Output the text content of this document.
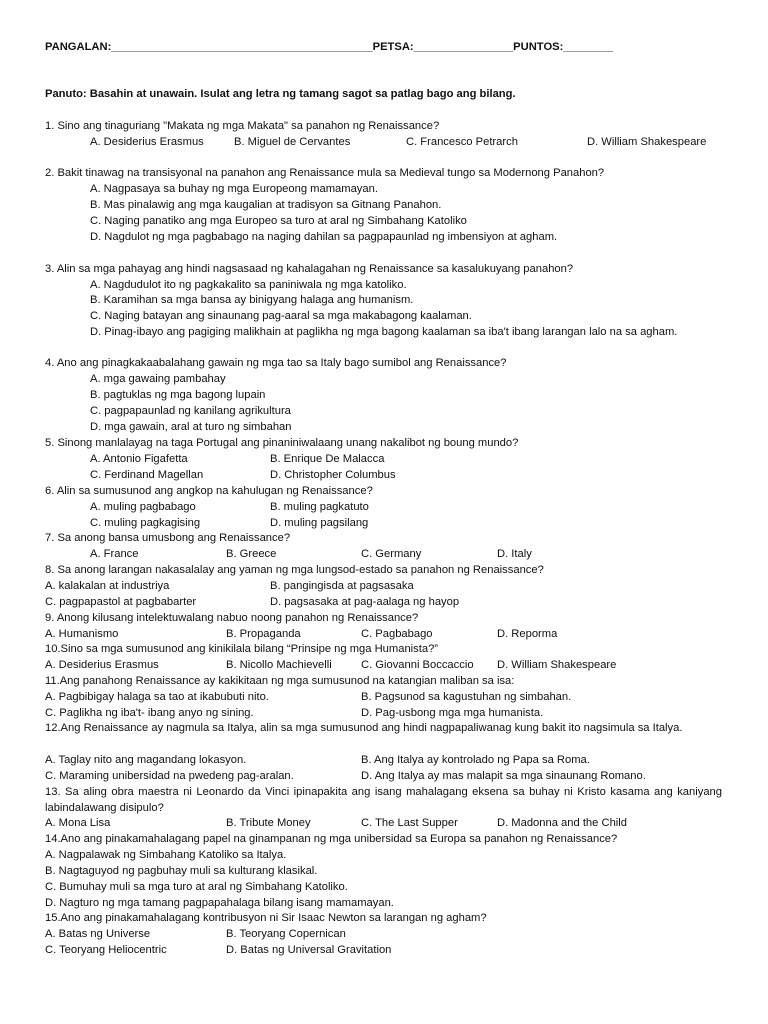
PANGALAN:__________________________________________PETSA:________________PUNTOS:________
Panuto: Basahin at unawain. Isulat ang letra ng tamang sagot sa patlag bago ang bilang.
1. Sino ang tinaguriang "Makata ng mga Makata" sa panahon ng Renaissance?
A. Desiderius Erasmus	B. Miguel de Cervantes	C. Francesco Petrarch	D. William Shakespeare
2. Bakit tinawag na transisyonal na panahon ang Renaissance mula sa Medieval tungo sa Modernong Panahon?
A. Nagpasaya sa buhay ng mga Europeong mamamayan.
B. Mas pinalawig ang mga kaugalian at tradisyon sa Gitnang Panahon.
C. Naging panatiko ang mga Europeo sa turo at aral ng Simbahang Katoliko
D. Nagdulot ng mga pagbabago na naging dahilan sa pagpapaunlad ng imbensiyon at agham.
3. Alin sa mga pahayag ang hindi nagsasaad ng kahalagahan ng Renaissance sa kasalukuyang panahon?
A. Nagdudulot ito ng pagkakalito sa paniniwala ng mga katoliko.
B. Karamihan sa mga bansa ay binigyang halaga ang humanism.
C. Naging batayan ang sinaunang pag-aaral sa mga makabagong kaalaman.
D. Pinag-ibayo ang pagiging malikhain at paglikha ng mga bagong kaalaman sa iba't ibang larangan lalo na sa agham.
4. Ano ang pinagkakaabalahang gawain ng mga tao sa Italy bago sumibol ang Renaissance?
A. mga gawaing pambahay
B. pagtuklas ng mga bagong lupain
C. pagpapaunlad ng kanilang agrikultura
D. mga gawain, aral at turo ng simbahan
5. Sinong manlalayag na taga Portugal ang pinaniniwalaang unang nakalibot ng boung mundo?
A. Antonio Figafetta	B. Enrique De Malacca
C. Ferdinand Magellan	D. Christopher Columbus
6. Alin sa sumusunod ang angkop na kahulugan ng Renaissance?
A. muling pagbabago	B. muling pagkatuto
C. muling pagkagising	D. muling pagsilang
7. Sa anong bansa umusbong ang Renaissance?
A. France	B. Greece	C. Germany	D. Italy
8. Sa anong larangan nakasalalay ang yaman ng mga lungsod-estado sa panahon ng Renaissance?
A. kalakalan at industriya	B. pangingisda at pagsasaka
C. pagpapastol at pagbabarter	D. pagsasaka at pag-aalaga ng hayop
9. Anong kilusang intelektuwalang nabuo noong panahon ng Renaissance?
A. Humanismo	B. Propaganda	C. Pagbabago	D. Reporma
10.Sino sa mga sumusunod ang kinikilala bilang “Prinsipe ng mga Humanista?”
A. Desiderius Erasmus	B. Nicollo Machievelli	C. Giovanni Boccaccio D. William Shakespeare
11.Ang panahong Renaissance ay kakikitaan ng mga sumusunod na katangian maliban sa isa:
A. Pagbibigay halaga sa tao at ikabubuti nito.	B. Pagsunod sa kagustuhan ng simbahan.
C. Paglikha ng iba't- ibang anyo ng sining.	D. Pag-usbong mga mga humanista.
12.Ang Renaissance ay nagmula sa Italya, alin sa mga sumusunod ang hindi nagpapaliwanag kung bakit ito nagsimula sa Italya.
A. Taglay nito ang magandang lokasyon.	B. Ang Italya ay kontrolado ng Papa sa Roma.
C. Maraming unibersidad na pwedeng pag-aralan.	D. Ang Italya ay mas malapit sa mga sinaunang Romano.
13. Sa aling obra maestra ni Leonardo da Vinci ipinapakita ang isang mahalagang eksena sa buhay ni Kristo kasama ang kaniyang labindalawang disipulo?
A. Mona Lisa	B. Tribute Money	C. The Last Supper	D. Madonna and the Child
14.Ano ang pinakamahalagang papel na ginampanan ng mga unibersidad sa Europa sa panahon ng Renaissance?
A. Nagpalawak ng Simbahang Katoliko sa Italya.
B. Nagtaguyod ng pagbuhay muli sa kulturang klasikal.
C. Bumuhay muli sa mga turo at aral ng Simbahang Katoliko.
D. Nagturo ng mga tamang pagpapahalaga bilang isang mamamayan.
15.Ano ang pinakamahalagang kontribusyon ni Sir Isaac Newton sa larangan ng agham?
A. Batas ng Universe	B. Teoryang Copernican
C. Teoryang Heliocentric	D. Batas ng Universal Gravitation
